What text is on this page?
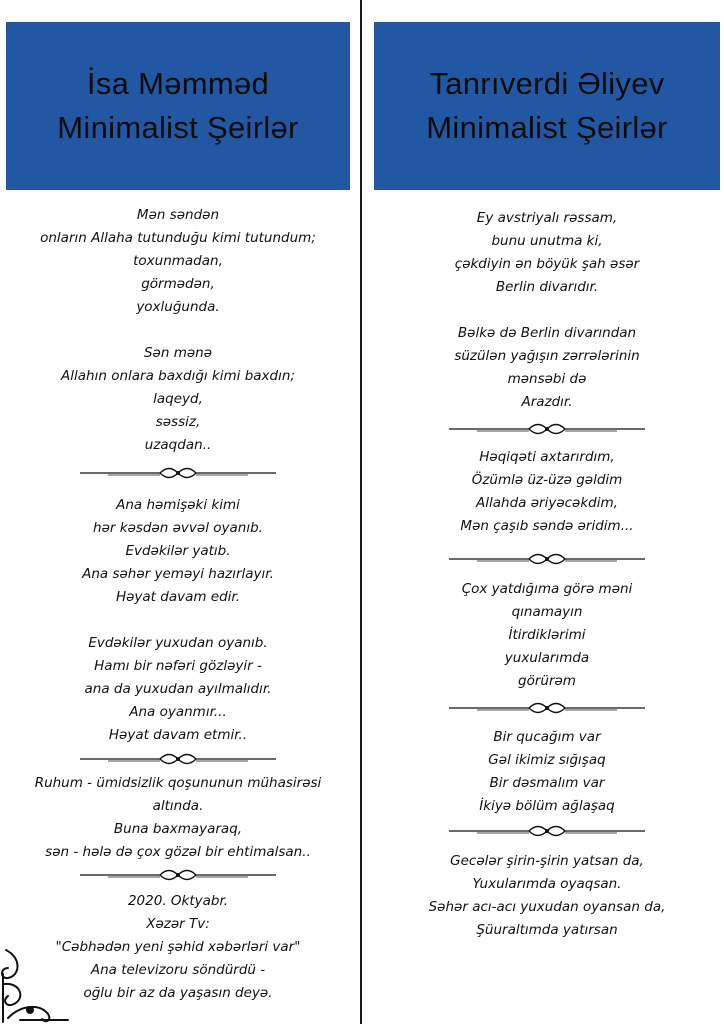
İsa Məmməd
Minimalist Şeirlər
Mən səndən
onların Allaha tutunduğu kimi tutundum;
toxunmadan,
görmədən,
yoxluğunda.
Sən mənə
Allahın onlara baxdığı kimi baxdın;
laqeyd,
səssiz,
uzaqdan..
Ana həmişəki kimi
hər kəsdən əvvəl oyanıb.
Evdəkilər yatıb.
Ana səhər yeməyi hazırlayır.
Həyat davam edir.
Evdəkilər yuxudan oyanıb.
Hamı bir nəfəri gözləyir -
ana da yuxudan ayılmalıdır.
Ana oyanmır...
Həyat davam etmir..
Ruhum - ümidsizlik qoşununun mühasirəsi
altında.
Buna baxmayaraq,
sən - hələ də çox gözəl bir ehtimalsan..
2020. Oktyabr.
Xəzər Tv:
"Cəbhədən yeni şəhid xəbərləri var"
Ana televizoru söndürdü -
oğlu bir az da yaşasın deyə.
Tanrıverdi Əliyev
Minimalist Şeirlər
Ey avstriyalı rəssam,
bunu unutma ki,
çəkdiyin ən böyük şah əsər
Berlin divarıdır.
Bəlkə də Berlin divarından
süzülən yağışın zərrələrinin
mənsəbi də
Arazdır.
Həqiqəti axtarırdım,
Özümlə üz-üzə gəldim
Allahda əriyəcəkdim,
Mən çaşıb səndə əridim...
Çox yatdığıma görə məni
qınamayın
İtirdiklərimi
yuxularımda
görürəm
Bir qucağım var
Gəl ikimiz sığışaq
Bir dəsmalım var
İkiyə bölüm ağlaşaq
Gecələr şirin-şirin yatsan da,
Yuxularımda oyaqsan.
Səhər acı-acı yuxudan oyansan da,
Şüuraltımda yatırsan
